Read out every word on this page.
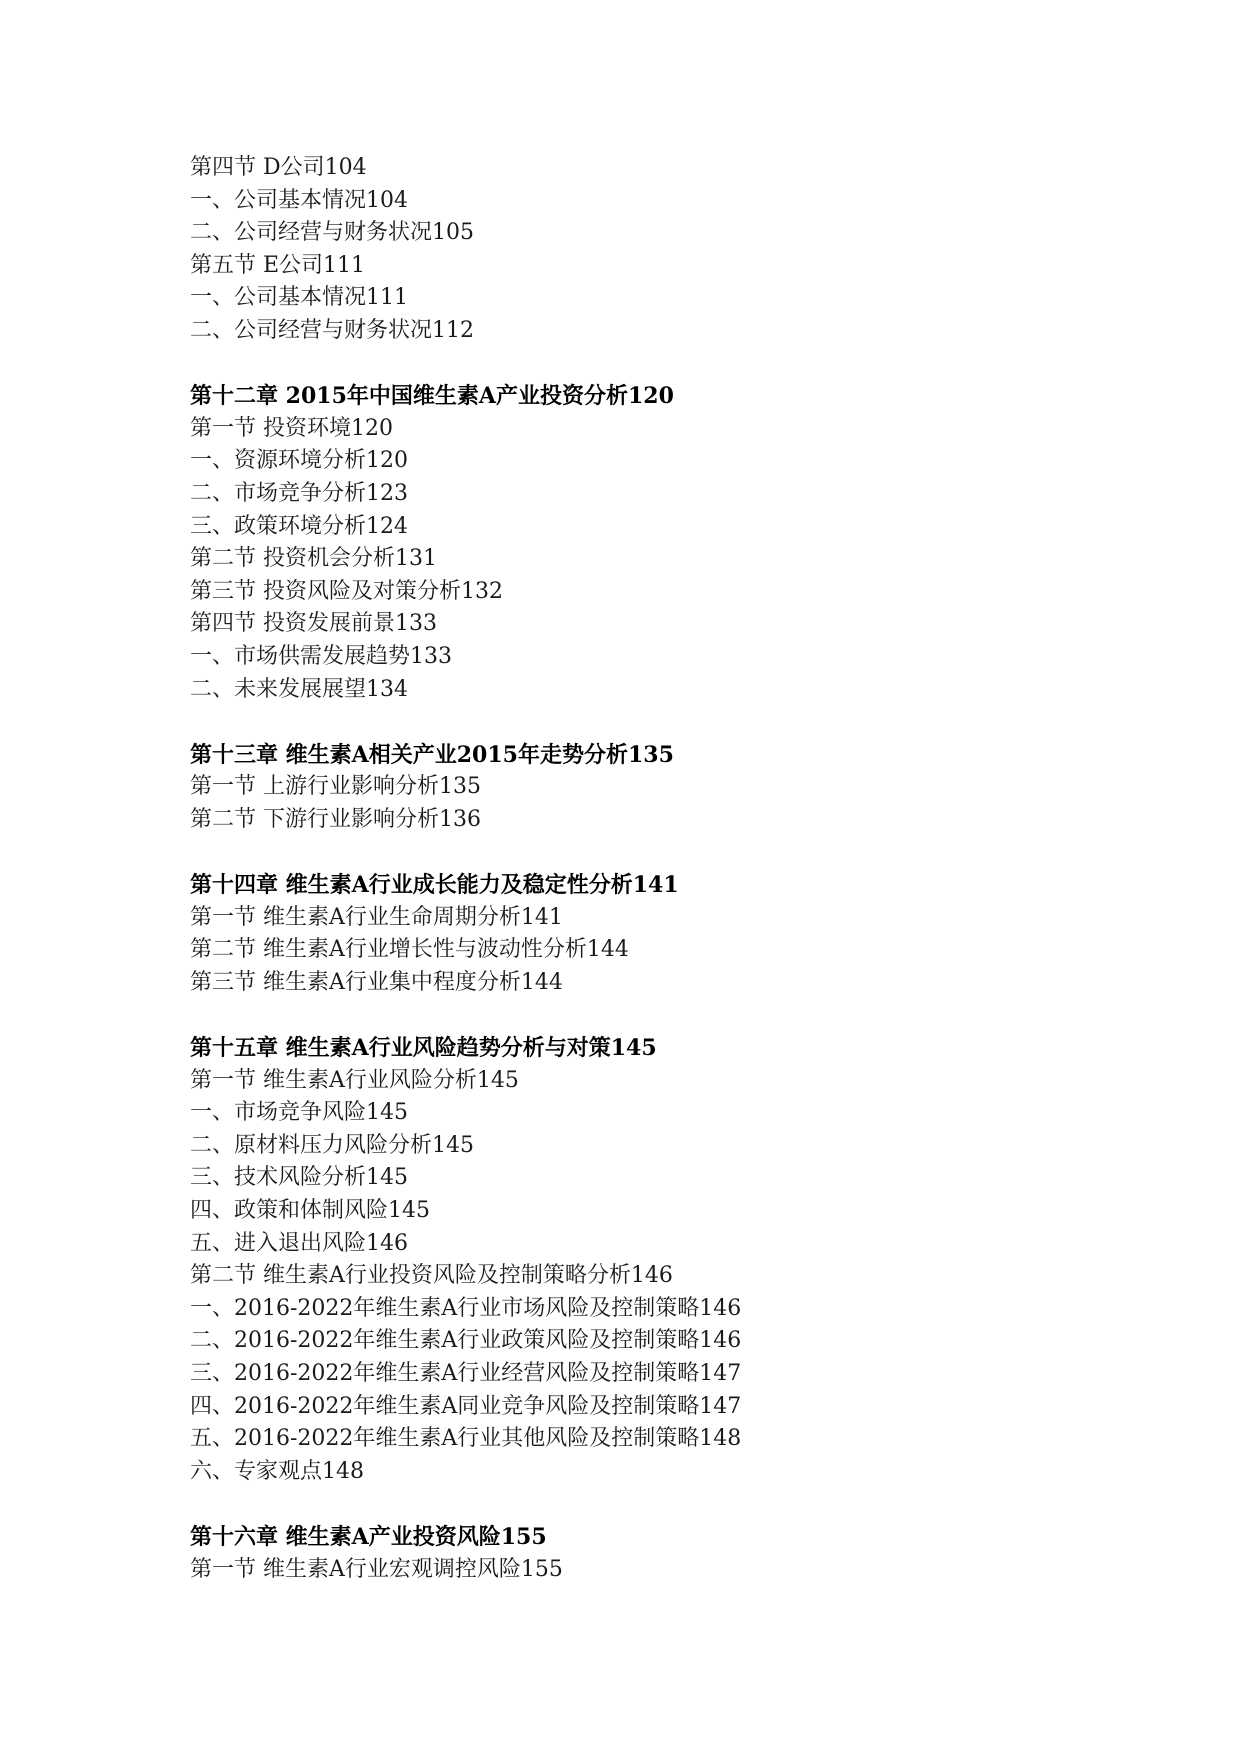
第四节 D公司104
一、公司基本情况104
二、公司经营与财务状况105
第五节 E公司111
一、公司基本情况111
二、公司经营与财务状况112
第十二章 2015年中国维生素A产业投资分析120
第一节 投资环境120
一、资源环境分析120
二、市场竞争分析123
三、政策环境分析124
第二节 投资机会分析131
第三节 投资风险及对策分析132
第四节 投资发展前景133
一、市场供需发展趋势133
二、未来发展展望134
第十三章 维生素A相关产业2015年走势分析135
第一节 上游行业影响分析135
第二节 下游行业影响分析136
第十四章 维生素A行业成长能力及稳定性分析141
第一节 维生素A行业生命周期分析141
第二节 维生素A行业增长性与波动性分析144
第三节 维生素A行业集中程度分析144
第十五章 维生素A行业风险趋势分析与对策145
第一节 维生素A行业风险分析145
一、市场竞争风险145
二、原材料压力风险分析145
三、技术风险分析145
四、政策和体制风险145
五、进入退出风险146
第二节 维生素A行业投资风险及控制策略分析146
一、2016-2022年维生素A行业市场风险及控制策略146
二、2016-2022年维生素A行业政策风险及控制策略146
三、2016-2022年维生素A行业经营风险及控制策略147
四、2016-2022年维生素A同业竞争风险及控制策略147
五、2016-2022年维生素A行业其他风险及控制策略148
六、专家观点148
第十六章 维生素A产业投资风险155
第一节 维生素A行业宏观调控风险155
